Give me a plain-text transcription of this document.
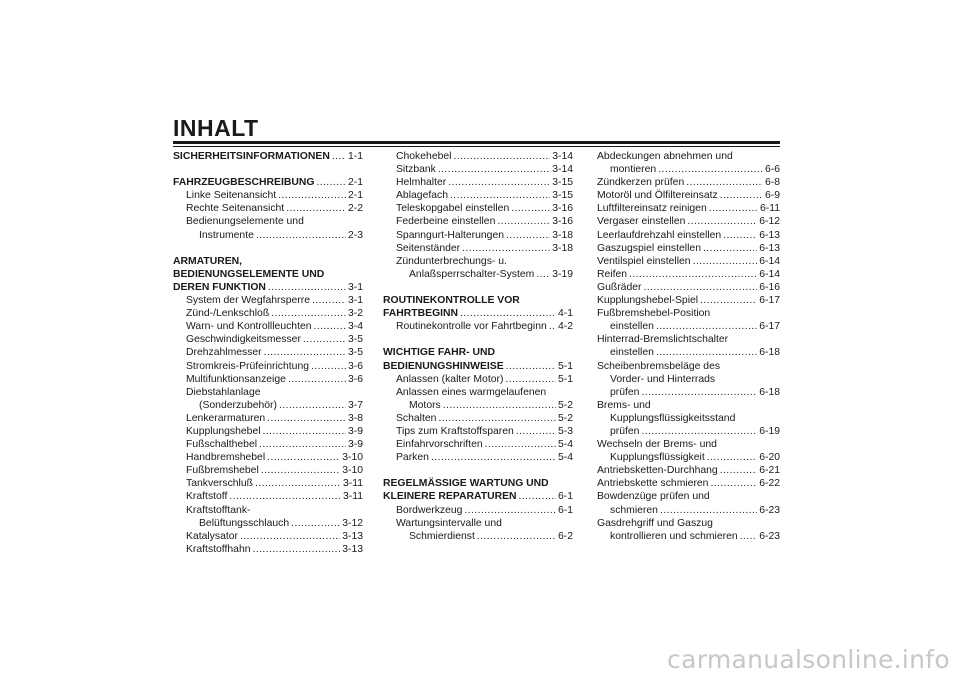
INHALT
SICHERHEITSINFORMATIONEN ..... 1-1
FAHRZEUGBESCHREIBUNG .....	2-1
Linke Seitenansicht .....	2-1
Rechte Seitenansicht .....	2-2
Bedienungselemente und
Instrumente .....	2-3
ARMATUREN,
BEDIENUNGSELEMENTE UND
DEREN FUNKTION .....	3-1
System der Wegfahrsperre .....	3-1
Zünd-/Lenkschloß .....	3-2
Warn- und Kontrollleuchten .....	3-4
Geschwindigkeitsmesser .....	3-5
Drehzahlmesser .....	3-5
Stromkreis-Prüfeinrichtung .....	3-6
Multifunktionsanzeige .....	3-6
Diebstahlanlage
(Sonderzubehör) .....	3-7
Lenkerarmaturen .....	3-8
Kupplungshebel .....	3-9
Fußschalthebel .....	3-9
Handbremshebel .....	3-10
Fußbremshebel .....	3-10
Tankverschluß .....	3-11
Kraftstoff .....	3-11
Kraftstofftank-
Belüftungsschlauch .....	3-12
Katalysator .....	3-13
Kraftstoffhahn .....	3-13
Chokehebel .....	3-14
Sitzbank .....	3-14
Helmhalter .....	3-15
Ablagefach .....	3-15
Teleskopgabel einstellen .....	3-16
Federbeine einstellen .....	3-16
Spanngurt-Halterungen .....	3-18
Seitenständer .....	3-18
Zündunterbrechungs- u.
Anlaßsperrschalter-System ..... 3-19
ROUTINEKONTROLLE VOR
FAHRTBEGINN .....	4-1
Routinekontrolle vor Fahrtbeginn ..... 4-2
WICHTIGE FAHR- UND
BEDIENUNGSHINWEISE .....	5-1
Anlassen (kalter Motor) .....	5-1
Anlassen eines warmgelaufenen
Motors .....	5-2
Schalten .....	5-2
Tips zum Kraftstoffsparen .....	5-3
Einfahrvorschriften .....	5-4
Parken .....	5-4
REGELMÄSSIGE WARTUNG UND
KLEINERE REPARATUREN .....	6-1
Bordwerkzeug .....	6-1
Wartungsintervalle und
Schmierdienst .....	6-2
Abdeckungen abnehmen und
montieren .....	6-6
Zündkerzen prüfen .....	6-8
Motoröl und Ölfiltereinsatz .....	6-9
Luftfiltereinsatz reinigen .....	6-11
Vergaser einstellen .....	6-12
Leerlaufdrehzahl einstellen .....	6-13
Gaszugspiel einstellen .....	6-13
Ventilspiel einstellen .....	6-14
Reifen .....	6-14
Gußräder .....	6-16
Kupplungshebel-Spiel .....	6-17
Fußbremshebel-Position
einstellen .....	6-17
Hinterrad-Bremslichtschalter
einstellen .....	6-18
Scheibenbremsbeläge des
Vorder- und Hinterrads
prüfen .....	6-18
Brems- und
Kupplungsflüssigkeitsstand
prüfen .....	6-19
Wechseln der Brems- und
Kupplungsflüssigkeit .....	6-20
Antriebsketten-Durchhang .....	6-21
Antriebskette schmieren .....	6-22
Bowdenzüge prüfen und
schmieren .....	6-23
Gasdrehgriff und Gaszug
kontrollieren und schmieren ..... 6-23
carmanualsonline.info
